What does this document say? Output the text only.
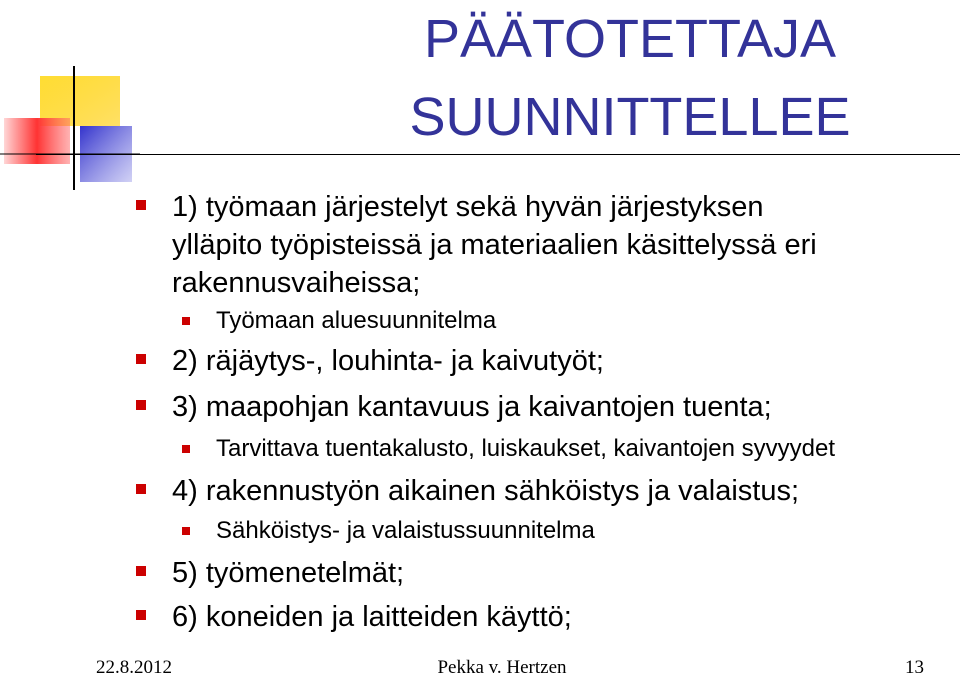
PÄÄTOTETTAJA
SUUNNITTELLEE
1) työmaan järjestelyt sekä hyvän järjestyksen
ylläpito työpisteissä ja materiaalien käsittelyssä eri
rakennusvaiheissa;
Työmaan aluesuunnitelma
2) räjäytys-, louhinta- ja kaivutyöt;
3) maapohjan kantavuus ja kaivantojen tuenta;
Tarvittava tuentakalusto, luiskaukset, kaivantojen syvyydet
4) rakennustyön aikainen sähköistys ja valaistus;
Sähköistys- ja valaistussuunnitelma
5) työmenetelmät;
6) koneiden ja laitteiden käyttö;
22.8.2012	Pekka v. Hertzen	13
